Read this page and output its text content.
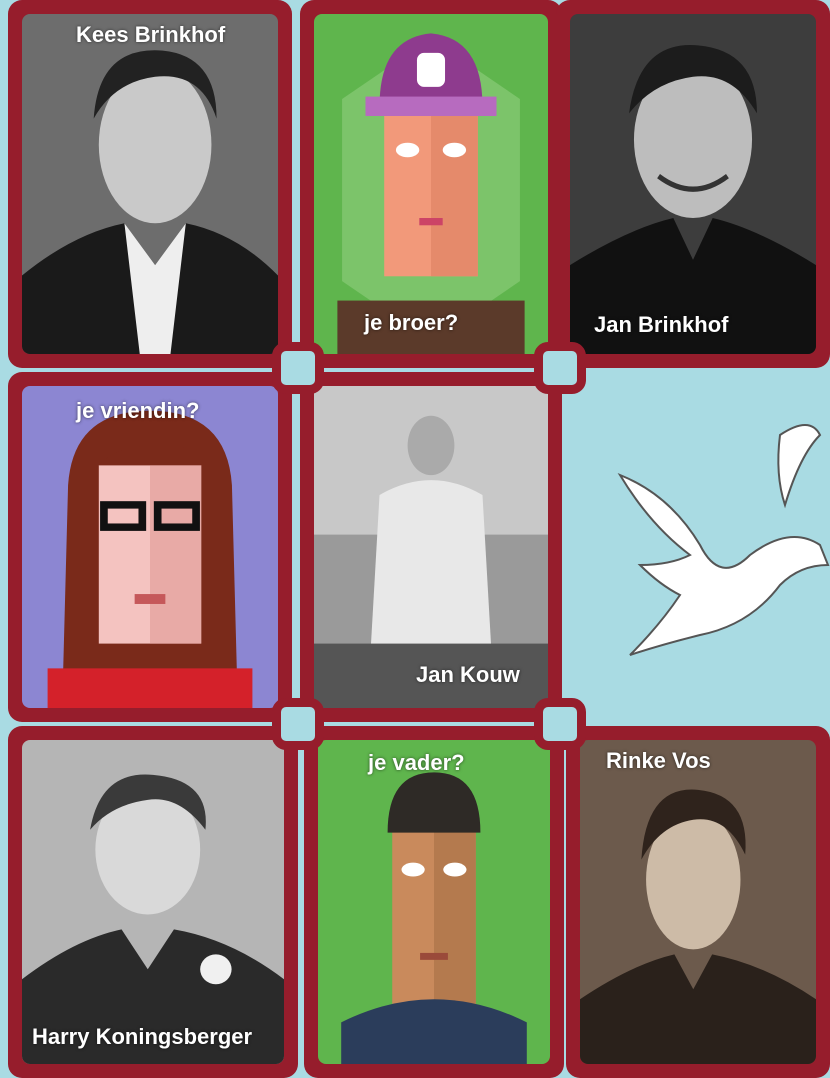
Kees Brinkhof
je broer?	Jan Brinkhof
je vriendin?
Jan Kouw
Harry Koningsberger
je vader?	Rinke Vos
